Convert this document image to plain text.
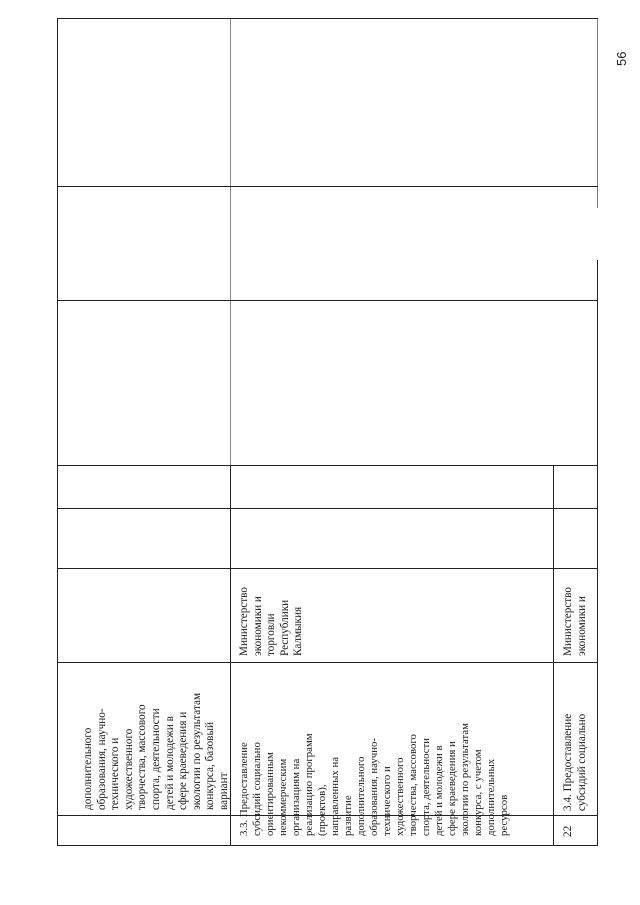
56
дополнительного образования, научно- технического и художественного творчества, массового спорта, деятельности детей и молодежи в сфере краеведения и экологии по результатам конкурса, базовый вариант 3.3. Предоставление субсидий социально ориентированным некоммерческим организациям на реализацию программ (проектов), направленных на развитие дополнительного образования, научно- технического и художественного творчества, массового спорта, деятельности детей и молодежи в сфере краеведения и экологии по результатам конкурса, с учетом дополнительных ресурсов
Министерство экономики и торговли Республики Калмыкия
22
3.4. Предоставление субсидий социально
Министерство экономики и
